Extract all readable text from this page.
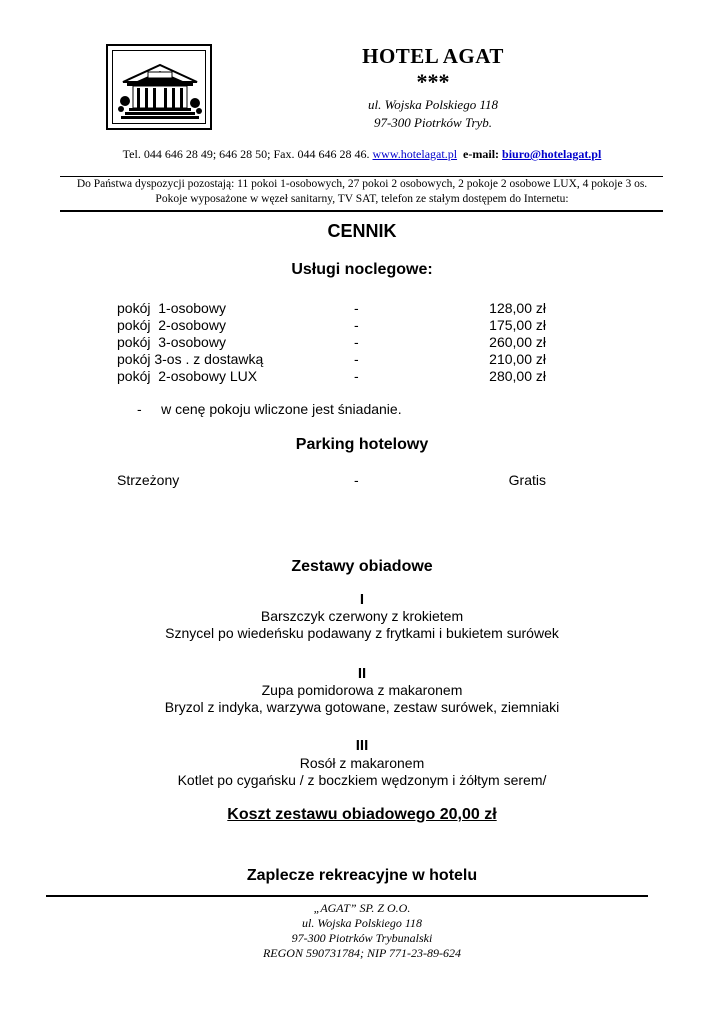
HOTEL AGAT
***
ul. Wojska Polskiego 118
97-300 Piotrków Tryb.
Tel. 044 646 28 49; 646 28 50; Fax. 044 646 28 46. www.hotelagat.pl e-mail: biuro@hotelagat.pl
Do Państwa dyspozycji pozostają: 11 pokoi 1-osobowych, 27 pokoi 2 osobowych, 2 pokoje 2 osobowe LUX, 4 pokoje 3 os.
Pokoje wyposażone w węzeł sanitarny, TV SAT, telefon ze stałym dostępem do Internetu:
CENNIK
Usługi noclegowe:
pokój  1-osobowy	-	128,00 zł
pokój  2-osobowy	-	175,00 zł
pokój  3-osobowy	-	260,00 zł
pokój 3-os . z dostawką	-	210,00 zł
pokój  2-osobowy LUX	-	280,00 zł
-     w cenę pokoju wliczone jest śniadanie.
Parking hotelowy
Strzeżony	-	Gratis
Zestawy obiadowe
I
Barszczyk czerwony z krokietem
Sznycel po wiedeńsku podawany z frytkami i bukietem surówek
II
Zupa pomidorowa z makaronem
Bryzol z indyka, warzywa gotowane, zestaw surówek, ziemniaki
III
Rosół z makaronem
Kotlet po cygańsku / z boczkiem wędzonym i żółtym serem/
Koszt zestawu obiadowego 20,00 zł
Zaplecze rekreacyjne w hotelu
„AGAT” SP. Z O.O.
ul. Wojska Polskiego 118
97-300 Piotrków Trybunalski
REGON 590731784; NIP 771-23-89-624
